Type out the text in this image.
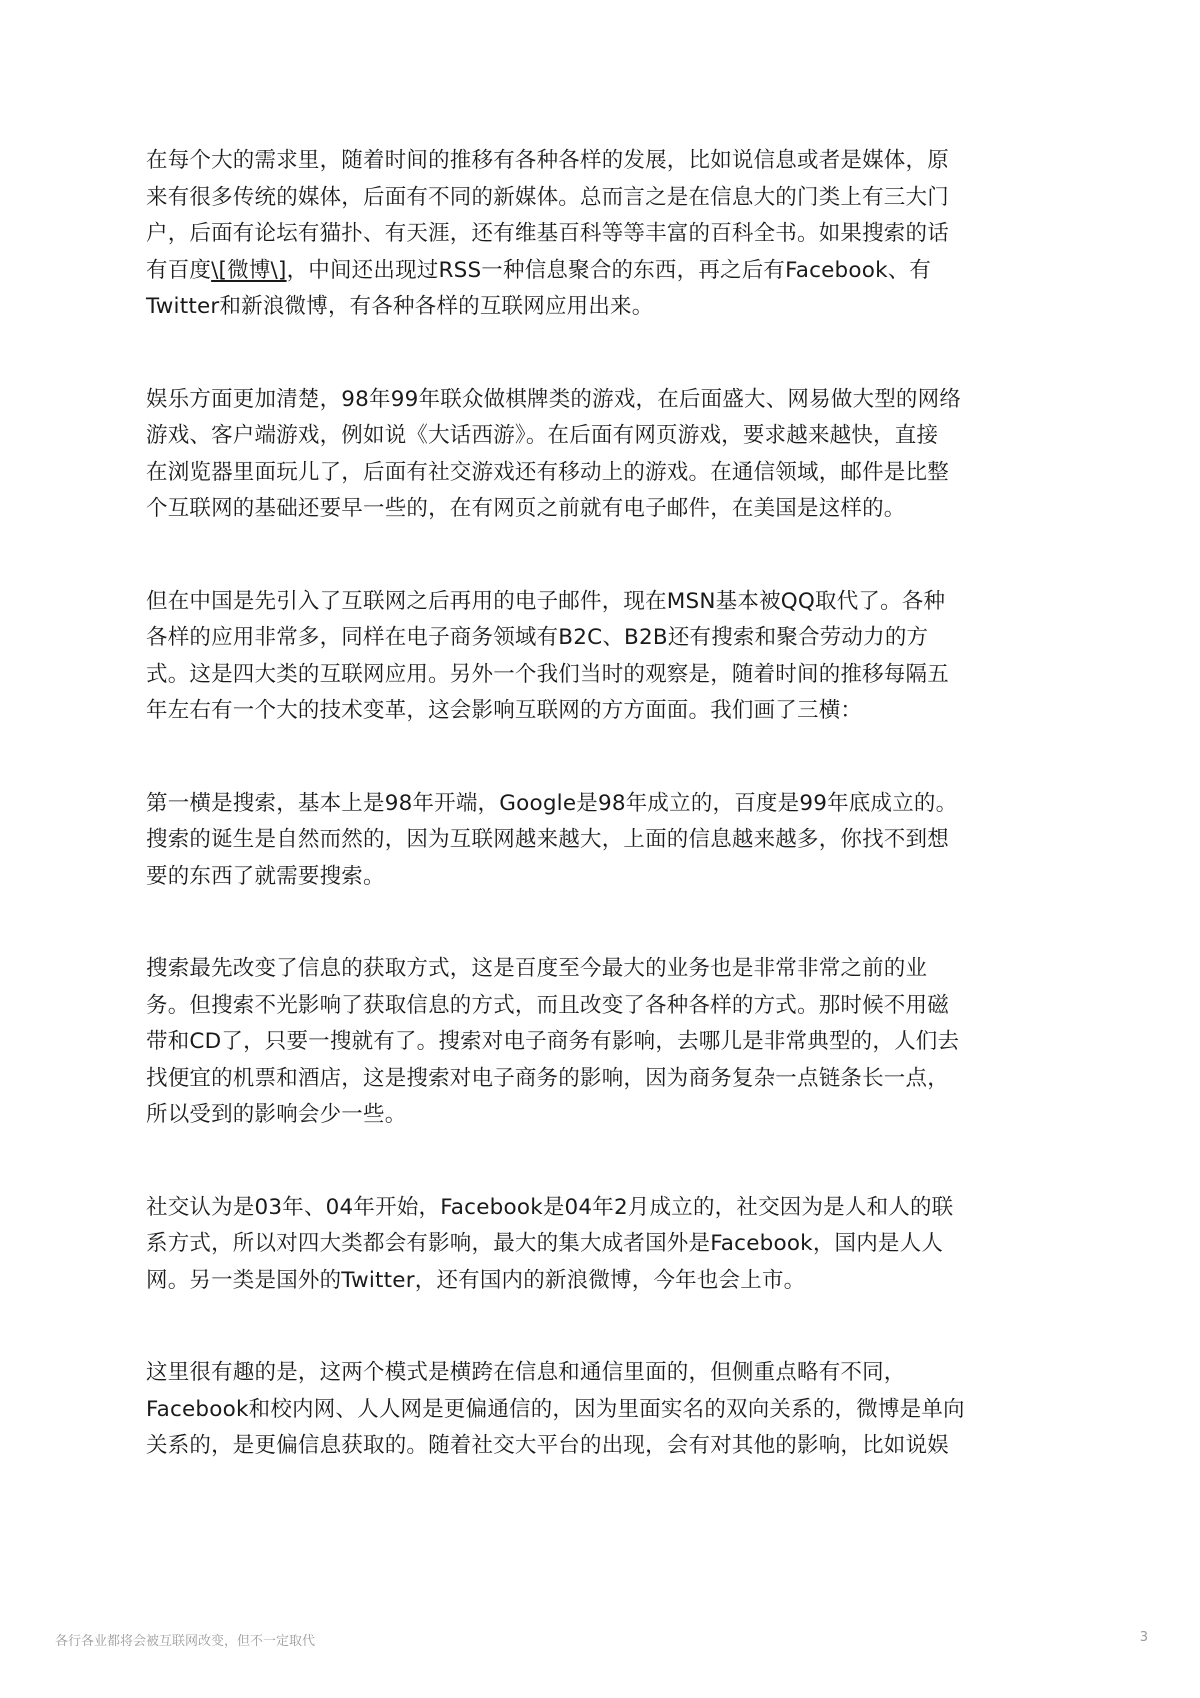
在每个大的需求里，随着时间的推移有各种各样的发展，比如说信息或者是媒体，原
来有很多传统的媒体，后面有不同的新媒体。总而言之是在信息大的门类上有三大门
户，后面有论坛有猫扑、有天涯，还有维基百科等等丰富的百科全书。如果搜索的话
有百度\[微博\]，中间还出现过RSS一种信息聚合的东西，再之后有Facebook、有
Twitter和新浪微博，有各种各样的互联网应用出来。

娱乐方面更加清楚，98年99年联众做棋牌类的游戏，在后面盛大、网易做大型的网络
游戏、客户端游戏，例如说《大话西游》。在后面有网页游戏，要求越来越快，直接
在浏览器里面玩儿了，后面有社交游戏还有移动上的游戏。在通信领域，邮件是比整
个互联网的基础还要早一些的，在有网页之前就有电子邮件，在美国是这样的。

但在中国是先引入了互联网之后再用的电子邮件，现在MSN基本被QQ取代了。各种
各样的应用非常多，同样在电子商务领域有B2C、B2B还有搜索和聚合劳动力的方
式。这是四大类的互联网应用。另外一个我们当时的观察是，随着时间的推移每隔五
年左右有一个大的技术变革，这会影响互联网的方方面面。我们画了三横：

第一横是搜索，基本上是98年开端，Google是98年成立的，百度是99年底成立的。
搜索的诞生是自然而然的，因为互联网越来越大，上面的信息越来越多，你找不到想
要的东西了就需要搜索。

搜索最先改变了信息的获取方式，这是百度至今最大的业务也是非常非常之前的业
务。但搜索不光影响了获取信息的方式，而且改变了各种各样的方式。那时候不用磁
带和CD了，只要一搜就有了。搜索对电子商务有影响，去哪儿是非常典型的，人们去
找便宜的机票和酒店，这是搜索对电子商务的影响，因为商务复杂一点链条长一点，
所以受到的影响会少一些。

社交认为是03年、04年开始，Facebook是04年2月成立的，社交因为是人和人的联
系方式，所以对四大类都会有影响，最大的集大成者国外是Facebook，国内是人人
网。另一类是国外的Twitter，还有国内的新浪微博，今年也会上市。

这里很有趣的是，这两个模式是横跨在信息和通信里面的，但侧重点略有不同，
Facebook和校内网、人人网是更偏通信的，因为里面实名的双向关系的，微博是单向
关系的，是更偏信息获取的。随着社交大平台的出现，会有对其他的影响，比如说娱

各行各业都将会被互联网改变，但不一定取代	3
